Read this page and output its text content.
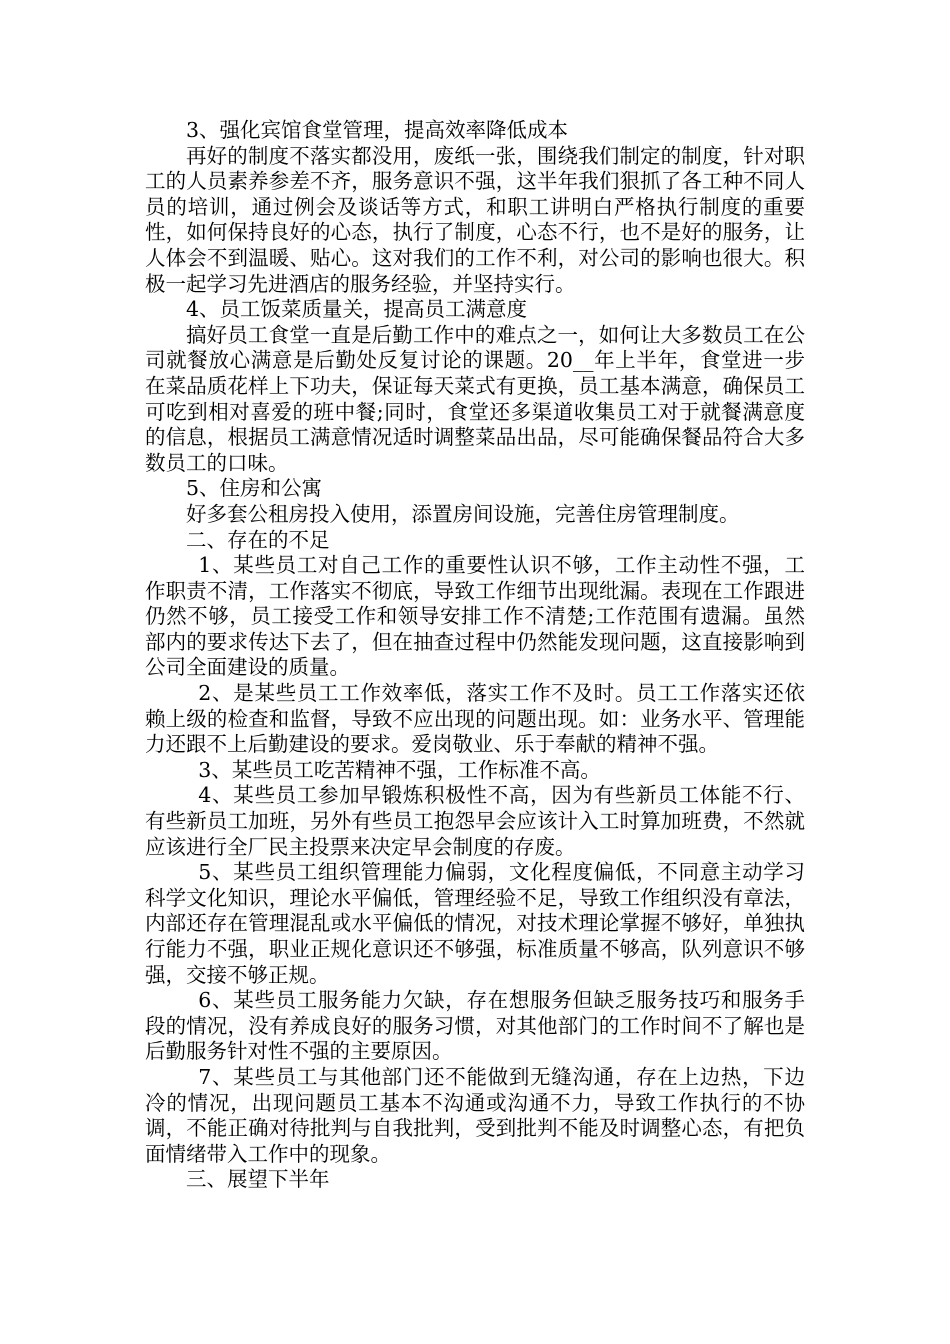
3、强化宾馆食堂管理，提高效率降低成本

再好的制度不落实都没用，废纸一张，围绕我们制定的制度，针对职工的人员素养参差不齐，服务意识不强，这半年我们狠抓了各工种不同人员的培训，通过例会及谈话等方式，和职工讲明白严格执行制度的重要性，如何保持良好的心态，执行了制度，心态不行，也不是好的服务，让人体会不到温暖、贴心。这对我们的工作不利，对公司的影响也很大。积极一起学习先进酒店的服务经验，并坚持实行。

4、员工饭菜质量关，提高员工满意度

搞好员工食堂一直是后勤工作中的难点之一，如何让大多数员工在公司就餐放心满意是后勤处反复讨论的课题。20__年上半年，食堂进一步在菜品质花样上下功夫，保证每天菜式有更换，员工基本满意，确保员工可吃到相对喜爱的班中餐;同时，食堂还多渠道收集员工对于就餐满意度的信息，根据员工满意情况适时调整菜品出品，尽可能确保餐品符合大多数员工的口味。

5、住房和公寓

好多套公租房投入使用，添置房间设施，完善住房管理制度。

二、存在的不足

1、某些员工对自己工作的重要性认识不够，工作主动性不强，工作职责不清，工作落实不彻底，导致工作细节出现纰漏。表现在工作跟进仍然不够，员工接受工作和领导安排工作不清楚;工作范围有遗漏。虽然部内的要求传达下去了，但在抽查过程中仍然能发现问题，这直接影响到公司全面建设的质量。

2、是某些员工工作效率低，落实工作不及时。员工工作落实还依赖上级的检查和监督，导致不应出现的问题出现。如：业务水平、管理能力还跟不上后勤建设的要求。爱岗敬业、乐于奉献的精神不强。

3、某些员工吃苦精神不强，工作标准不高。

4、某些员工参加早锻炼积极性不高，因为有些新员工体能不行、有些新员工加班，另外有些员工抱怨早会应该计入工时算加班费，不然就应该进行全厂民主投票来决定早会制度的存废。

5、某些员工组织管理能力偏弱，文化程度偏低，不同意主动学习科学文化知识，理论水平偏低，管理经验不足，导致工作组织没有章法，内部还存在管理混乱或水平偏低的情况，对技术理论掌握不够好，单独执行能力不强，职业正规化意识还不够强，标准质量不够高，队列意识不够强，交接不够正规。

6、某些员工服务能力欠缺，存在想服务但缺乏服务技巧和服务手段的情况，没有养成良好的服务习惯，对其他部门的工作时间不了解也是后勤服务针对性不强的主要原因。

7、某些员工与其他部门还不能做到无缝沟通，存在上边热，下边冷的情况，出现问题员工基本不沟通或沟通不力，导致工作执行的不协调，不能正确对待批判与自我批判，受到批判不能及时调整心态，有把负面情绪带入工作中的现象。

三、展望下半年
